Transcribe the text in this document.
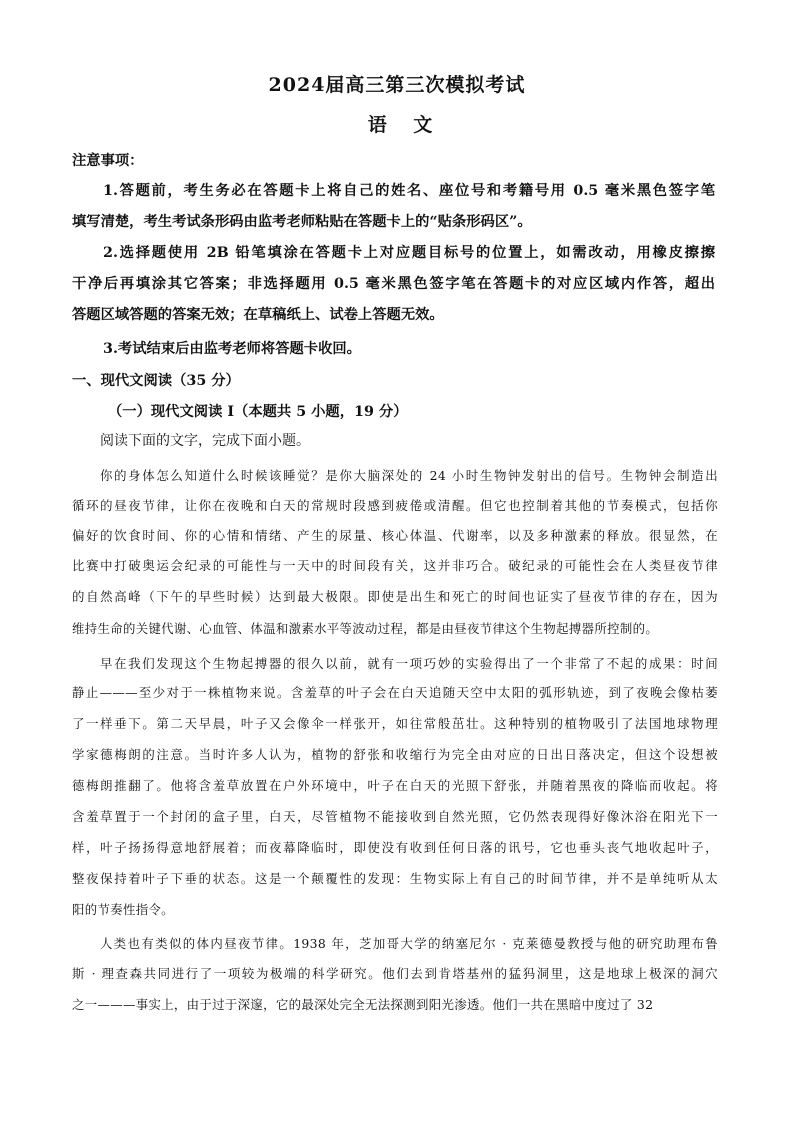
2024届高三第三次模拟考试
语 文
注意事项：
1.答题前，考生务必在答题卡上将自己的姓名、座位号和考籍号用 0.5 毫米黑色签字笔
填写清楚，考生考试条形码由监考老师粘贴在答题卡上的“贴条形码区”。
2.选择题使用 2B 铅笔填涂在答题卡上对应题目标号的位置上，如需改动，用橡皮擦擦
干净后再填涂其它答案；非选择题用 0.5 毫米黑色签字笔在答题卡的对应区域内作答，超出
答题区域答题的答案无效；在草稿纸上、试卷上答题无效。
3.考试结束后由监考老师将答题卡收回。
一、现代文阅读（35 分）
（一）现代文阅读 I（本题共 5 小题，19 分）
阅读下面的文字，完成下面小题。
你的身体怎么知道什么时候该睡觉？是你大脑深处的 24 小时生物钟发射出的信号。生物钟会制造出
循环的昼夜节律，让你在夜晚和白天的常规时段感到疲倦或清醒。但它也控制着其他的节奏模式，包括你
偏好的饮食时间、你的心情和情绪、产生的尿量、核心体温、代谢率，以及多种激素的释放。很显然，在
比赛中打破奥运会纪录的可能性与一天中的时间段有关，这并非巧合。破纪录的可能性会在人类昼夜节律
的自然高峰（下午的早些时候）达到最大极限。即使是出生和死亡的时间也证实了昼夜节律的存在，因为
维持生命的关键代谢、心血管、体温和激素水平等波动过程，都是由昼夜节律这个生物起搏器所控制的。
早在我们发现这个生物起搏器的很久以前，就有一项巧妙的实验得出了一个非常了不起的成果：时间
静止———至少对于一株植物来说。含羞草的叶子会在白天追随天空中太阳的弧形轨迹，到了夜晚会像枯萎
了一样垂下。第二天早晨，叶子又会像伞一样张开，如往常般茁壮。这种特别的植物吸引了法国地球物理
学家德梅朗的注意。当时许多人认为，植物的舒张和收缩行为完全由对应的日出日落决定，但这个设想被
德梅朗推翻了。他将含羞草放置在户外环境中，叶子在白天的光照下舒张，并随着黑夜的降临而收起。将
含羞草置于一个封闭的盒子里，白天，尽管植物不能接收到自然光照，它仍然表现得好像沐浴在阳光下一
样，叶子扬扬得意地舒展着；而夜幕降临时，即使没有收到任何日落的讯号，它也垂头丧气地收起叶子，
整夜保持着叶子下垂的状态。这是一个颠覆性的发现：生物实际上有自己的时间节律，并不是单纯听从太
阳的节奏性指令。
人类也有类似的体内昼夜节律。1938 年，芝加哥大学的纳塞尼尔 · 克莱德曼教授与他的研究助理布鲁
斯 · 理查森共同进行了一项较为极端的科学研究。他们去到肯塔基州的猛犸洞里，这是地球上极深的洞穴
之一———事实上，由于过于深邃，它的最深处完全无法探测到阳光渗透。他们一共在黑暗中度过了 32
